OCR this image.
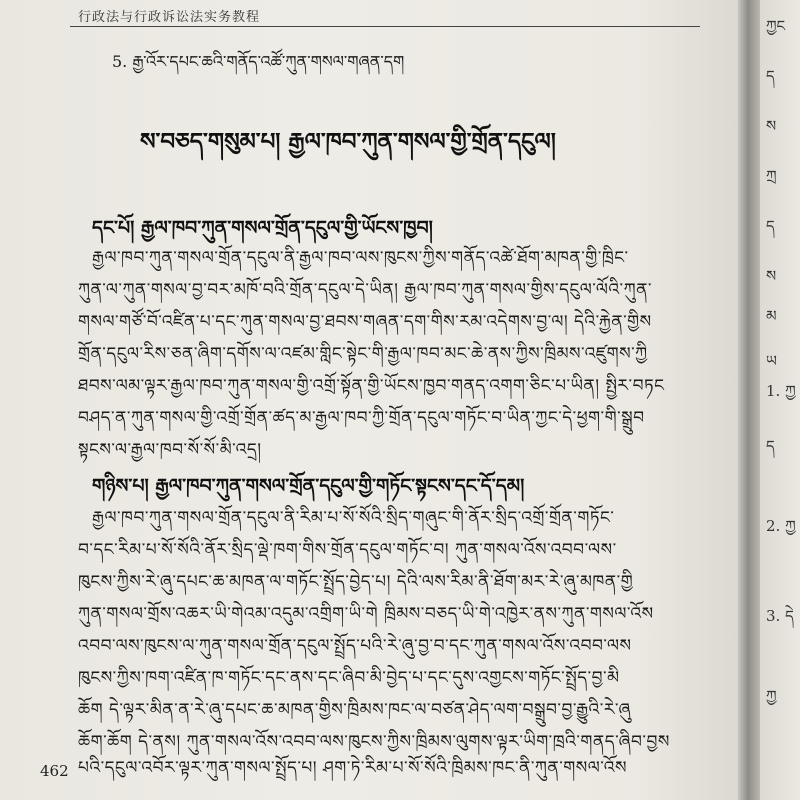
行政法与行政诉讼法实务教程
5. རྒྱ་འོར་དཔང་ཆའི་གནོད་འཚོ་ཀུན་གསལ་གཞན་དག
ས་བཅད་གསུམ་པ། རྒྱལ་ཁབ་ཀུན་གསལ་གྱི་གྲོན་དངུལ།
དང་པོ། རྒྱལ་ཁབ་ཀུན་གསལ་གྲོན་དངུལ་གྱི་ཡོངས་ཁྱབ།
རྒྱལ་ཁབ་ཀུན་གསལ་གྲོན་དངུལ་ནི་རྒྱལ་ཁབ་ལས་ཁུངས་ཀྱིས་གནོད་འཚེ་ཐོག་མཁན་གྱི་ཁྲིང་
ཀུན་ལ་ཀུན་གསལ་བྱ་བར་མཁོ་བའི་གྲོན་དངུལ་དེ་ཡིན། རྒྱལ་ཁབ་ཀུན་གསལ་གྱིས་དངུལ་ལོའི་ཀུན་
གསལ་གཙོ་བོ་འཛིན་པ་དང་ཀུན་གསལ་བྱ་ཐབས་གཞན་དག་གིས་རམ་འདེགས་བྱ་ལ། དེའི་རྐྱེན་གྱིས
གྲོན་དངུལ་རིས་ཅན་ཞིག་དགོས་ལ་འཛམ་གླིང་སྟེང་གི་རྒྱལ་ཁབ་མང་ཆེ་ནས་ཀྱིས་ཁྲིམས་འཛུགས་ཀྱི
ཐབས་ལམ་ལྟར་རྒྱལ་ཁབ་ཀུན་གསལ་གྱི་འགྲོ་སྟོན་གྱི་ཡོངས་ཁྱབ་གནད་འགག་ཅིང་པ་ཡིན། སྤྱིར་བཏང
བཤད་ན་ཀུན་གསལ་གྱི་འགྲོ་གྲོན་ཚད་མ་རྒྱལ་ཁབ་ཀྱི་གྲོན་དངུལ་གཏོང་བ་ཡིན་ཀྱང་དེ་ཕྱག་གི་སྒྲུབ
སྟངས་ལ་རྒྱལ་ཁབ་སོ་སོ་མི་འདྲ།
གཉིས་པ། རྒྱལ་ཁབ་ཀུན་གསལ་གྲོན་དངུལ་གྱི་གཏོང་སྟངས་དང་དོ་དམ།
རྒྱལ་ཁབ་ཀུན་གསལ་གྲོན་དངུལ་ནི་རིམ་པ་སོ་སོའི་སྲིད་གཞུང་གི་ནོར་སྲིད་འགྲོ་གྲོན་གཏོང་
བ་དང་རིམ་པ་སོ་སོའི་ནོར་སྲིད་ལྡེ་ཁག་གིས་གྲོན་དངུལ་གཏོང་བ། ཀུན་གསལ་འོས་འབབ་ལས་
ཁུངས་ཀྱིས་རེ་ཞུ་དཔང་ཆ་མཁན་ལ་གཏོང་སྤྲོད་བྱེད་པ། དེའི་ལས་རིམ་ནི་ཐོག་མར་རེ་ཞུ་མཁན་གྱི
ཀུན་གསལ་གྲོས་འཆར་ཡི་གེའམ་འདུམ་འགྲིག་ཡི་གེ ཁྲིམས་བཅད་ཡི་གེ་འཁྱེར་ནས་ཀུན་གསལ་འོས
འབབ་ལས་ཁུངས་ལ་ཀུན་གསལ་གྲོན་དངུལ་སྤྲོད་པའི་རེ་ཞུ་བྱ་བ་དང་ཀུན་གསལ་འོས་འབབ་ལས
ཁུངས་ཀྱིས་ཁག་འཛིན་ཁ་གཏོང་དང་ནས་དང་ཞིབ་མི་བྱེད་པ་དང་དུས་འགྱངས་གཏོང་སྤྲོད་བྱ་མི
ཆོག དེ་ལྟར་མིན་ན་རེ་ཞུ་དཔང་ཆ་མཁན་གྱིས་ཁྲིམས་ཁང་ལ་བཙན་ཤེད་ལག་བསྒྲུབ་བྱ་རྒྱུའི་རེ་ཞུ
ཆོག་ཆོག དེ་ནས། ཀུན་གསལ་འོས་འབབ་ལས་ཁུངས་ཀྱིས་ཁྲིམས་ལུགས་ལྟར་ཡིག་ཁྲའི་གནད་ཞིབ་བྱས
པའི་དངུལ་འབོར་ལྟར་ཀུན་གསལ་སྤྲོད་པ། ཤག་ཏེ་རིམ་པ་སོ་སོའི་ཁྲིམས་ཁང་ནི་ཀུན་གསལ་འོས
462
ཀྱང
ད
ས
ཀྲ
ད
ས
མ
ཡ
1. ཀྱ
ད
2. ཀྱ
3. དེ
ཀྱ
